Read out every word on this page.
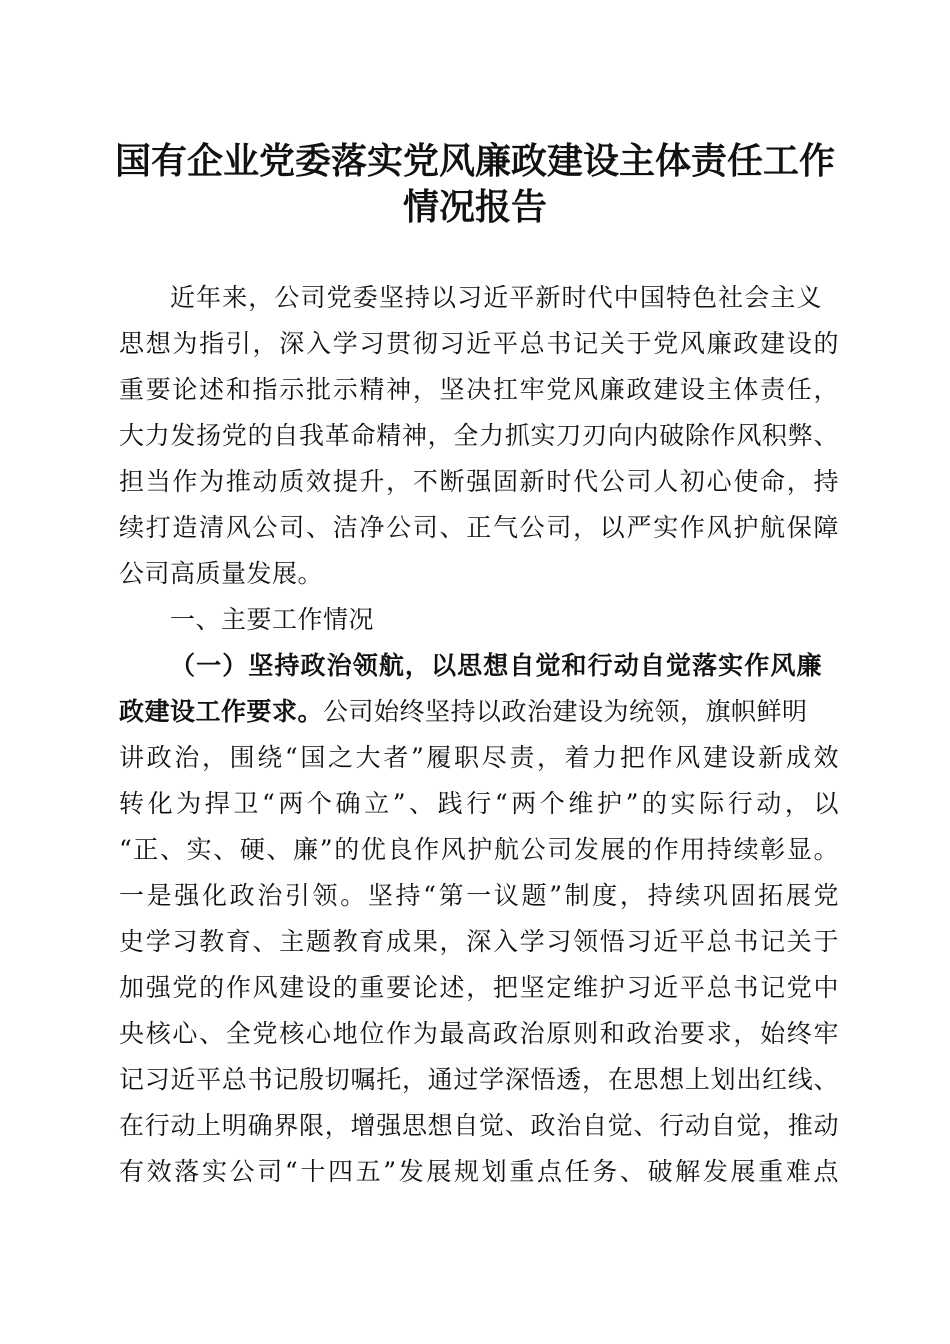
国有企业党委落实党风廉政建设主体责任工作
情况报告

近年来，公司党委坚持以习近平新时代中国特色社会主义

思想为指引，深入学习贯彻习近平总书记关于党风廉政建设的

重要论述和指示批示精神，坚决扛牢党风廉政建设主体责任，

大力发扬党的自我革命精神，全力抓实刀刃向内破除作风积弊、

担当作为推动质效提升，不断强固新时代公司人初心使命，持

续打造清风公司、洁净公司、正气公司，以严实作风护航保障

公司高质量发展。

一、主要工作情况

（一）坚持政治领航，以思想自觉和行动自觉落实作风廉

政建设工作要求。公司始终坚持以政治建设为统领，旗帜鲜明

讲政治，围绕“国之大者”履职尽责，着力把作风建设新成效

转化为捍卫“两个确立”、践行“两个维护”的实际行动，以

“正、实、硬、廉”的优良作风护航公司发展的作用持续彰显。

一是强化政治引领。坚持“第一议题”制度，持续巩固拓展党

史学习教育、主题教育成果，深入学习领悟习近平总书记关于

加强党的作风建设的重要论述，把坚定维护习近平总书记党中

央核心、全党核心地位作为最高政治原则和政治要求，始终牢

记习近平总书记殷切嘱托，通过学深悟透，在思想上划出红线、

在行动上明确界限，增强思想自觉、政治自觉、行动自觉，推动

有效落实公司“十四五”发展规划重点任务、破解发展重难点
